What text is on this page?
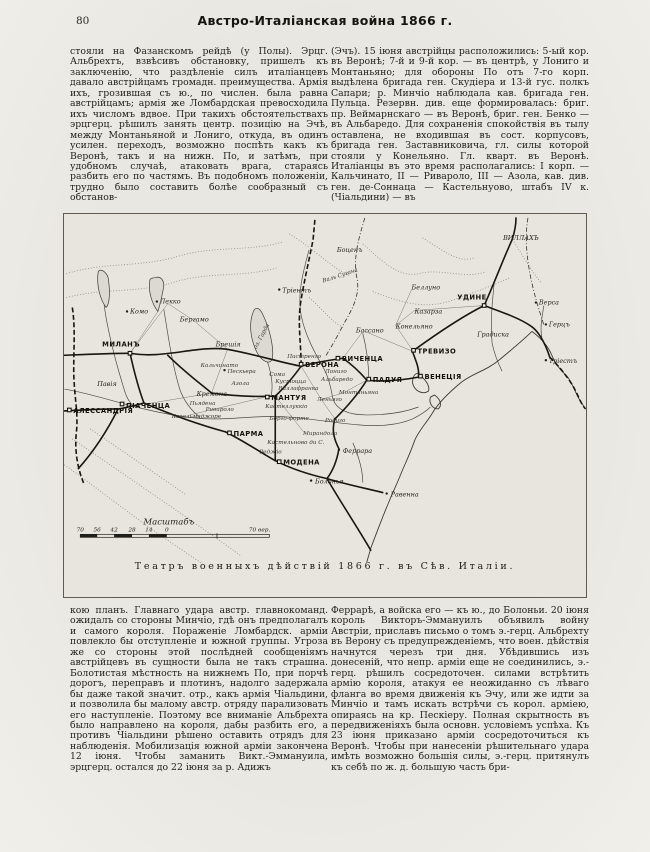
80	Австро-Италіанская война 1866 г.
стояли на Фазанскомъ рейдѣ (у Полы). Эрцг. Альбрехтъ, взвѣсивъ обстановку, пришелъ къ заключенію, что раздѣленіе силъ италіанцевъ давало австрійцамъ громадн. преимущества. Армія ихъ, грозившая съ ю., по числен. была равна австрійцамъ; армія же Ломбардская превосходила ихъ числомъ вдвое. При такихъ обстоятельствахъ эрцгерц. рѣшилъ занять центр. позицію на Эчѣ, между Монтаньяной и Лониго, откуда, въ одинъ усилен. переходъ, возможно поспѣть какъ къ Веронѣ, такъ и на нижн. По, и затѣмъ, при удобномъ случаѣ, атаковать врага, стараясь разбить его по частямъ. Въ подобномъ положеніи, трудно было составить болѣе сообразный съ обстанов-
(Эчъ). 15 іюня австрійцы расположились: 5-ый кор. въ Веронѣ; 7-й и 9-й кор. — въ центрѣ, у Лониго и Монтаньяно; для обороны По отъ 7-го корп. выдѣлена бригада ген. Скудіера и 13-й гус. полкъ Сапари; р. Минчіо наблюдала кав. бригада ген. Пульца. Резервн. див. еще формировалась: бриг. пр. Веймарнскаго — въ Веронѣ, бриг. ген. Бенко — въ Альбаредо. Для сохраненія спокойствія въ тылу оставлена, не входившая въ сост. корпусовъ, бригада ген. Заставниковича, гл. силы которой стояли у Конельяно. Гл. кварт. въ Веронѣ. Италіанцы въ это время располагались: I корп. — Кальчинато, II — Ривароло, III — Азола, кав. див. ген. де-Соннаца — Кастельнуово, штабъ IV к. (Чіальдини) — въ
ВИЛЛАХЪ
Боценъ
Тріентъ
Валь Сугана
Беллуно
УДИНЕ
Верса
Герцъ
Казарза
Конельяно
Бассано	Градиска
ТРЕВИЗО
Тріестъ
ВИЧЕНЦА
ВЕНЕЦІЯ
ПАДУЯ
Лекко
Комо
Бергамо
МИЛАНЪ	Брешія
Павія
ПІАЧЕНЦА
АЛЕССАНДРІЯ
ПАРМА
Реджіо
Кастельново ди С.
МОДЕНА
Мирандола
Болонья
Феррара
Равенна
оз. Гарда
Пастренго
ВЕРОНА
Кальчинато
Пескьера Сома
Кустоцца
Лониго
Альбаредо
Виллафранка
Монтаньяна
Леньяго
МАНТУЯ
Азола
Кремона
Пьядена
Ривароло
Казальмаджоре
Кастеллуккіо
Борго-форте	Ровиго
Масштабъ
70 56 42 28 14 0	70 вер.
Театръ военныхъ дѣйствій 1866 г. въ Сѣв. Италіи.
кою планъ. Главнаго удара австр. главнокоманд. ожидалъ со стороны Минчіо, гдѣ онъ предполагалъ и самого короля. Пораженіе Ломбардск. арміи повлекло бы отступленіе и южной группы. Угроза же со стороны этой послѣдней сообщеніямъ австрійцевъ въ сущности была не такъ страшна. Болотистая мѣстность на нижнемъ По, при порчѣ дорогъ, переправъ и плотинъ, надолго задержала бы даже такой значит. отр., какъ армія Чіальдини, и позволила бы малому австр. отряду парализовать его наступленіе. Поэтому все вниманіе Альбрехта было направлено на короля, дабы разбить его, а противъ Чіальдини рѣшено оставить отрядъ для наблюденія. Мобилизація южной арміи закончена 12 іюня. Чтобы заманить Викт.-Эммануила, эрцгерц. остался до 22 іюня за р. Адижъ
Феррарѣ, а войска его — къ ю., до Болоньи. 20 іюня король Викторъ-Эммануилъ объявилъ войну Австріи, приславъ письмо о томъ э.-герц. Альбрехту въ Верону съ предупрежденіемъ, что воен. дѣйствія начнутся черезъ три дня. Убѣдившись изъ донесеній, что непр. арміи еще не соединились, э.-герц. рѣшилъ сосредоточен. силами встрѣтить армію короля, атакуя ее неожиданно съ лѣваго фланга во время движенія къ Эчу, или же идти за Минчіо и тамъ искать встрѣчи съ корол. арміею, опираясь на кр. Пескіеру. Полная скрытность въ передвиженіяхъ была основн. условіемъ успѣха. Къ 23 іюня приказано арміи сосредоточиться къ Веронѣ. Чтобы при нанесеніи рѣшительнаго удара имѣть возможно большія силы, э.-герц. притянулъ къ себѣ по ж. д. большую часть бри-
